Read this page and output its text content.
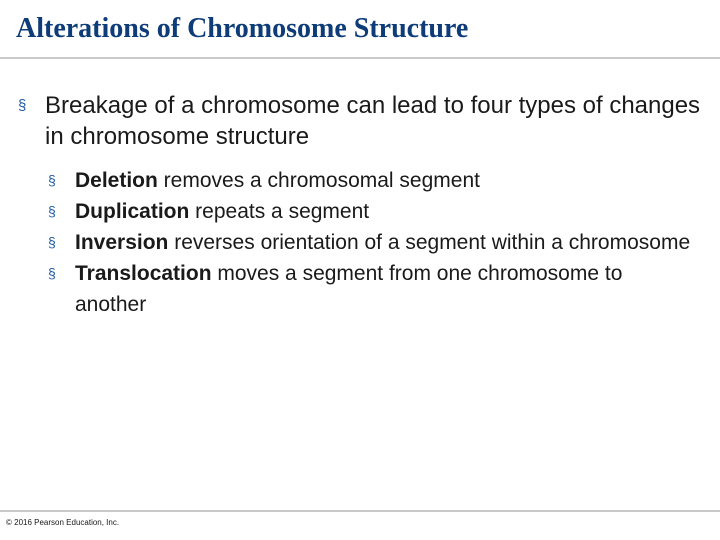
Alterations of Chromosome Structure
§ Breakage of a chromosome can lead to four types of changes in chromosome structure
§ Deletion removes a chromosomal segment
§ Duplication repeats a segment
§ Inversion reverses orientation of a segment within a chromosome
§ Translocation moves a segment from one chromosome to another
© 2016 Pearson Education, Inc.
